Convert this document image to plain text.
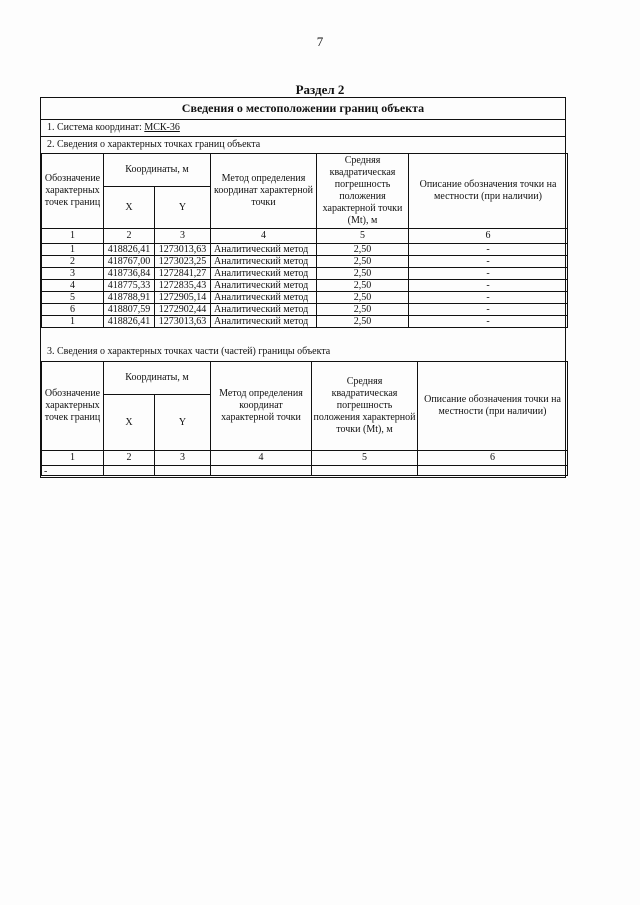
7
Раздел 2
Сведения о местоположении границ объекта
1. Система координат: МСК-36
2. Сведения о характерных точках границ объекта
Обозначение характерных точек границ	Координаты, м		Метод определения координат характерной точки	Средняя квадратическая погрешность положения характерной точки (Mt), м	Описание обозначения точки на местности (при наличии)
	X	Y			
1	2	3	4	5	6
1	418826,41	1273013,63	Аналитический метод	2,50	-
2	418767,00	1273023,25	Аналитический метод	2,50	-
3	418736,84	1272841,27	Аналитический метод	2,50	-
4	418775,33	1272835,43	Аналитический метод	2,50	-
5	418788,91	1272905,14	Аналитический метод	2,50	-
6	418807,59	1272902,44	Аналитический метод	2,50	-
1	418826,41	1273013,63	Аналитический метод	2,50	-
3. Сведения о характерных точках части (частей) границы объекта
Обозначение характерных точек границ	Координаты, м		Метод определения координат характерной точки	Средняя квадратическая погрешность положения характерной точки (Mt), м	Описание обозначения точки на местности (при наличии)
	X	Y			
1	2	3	4	5	6

-
